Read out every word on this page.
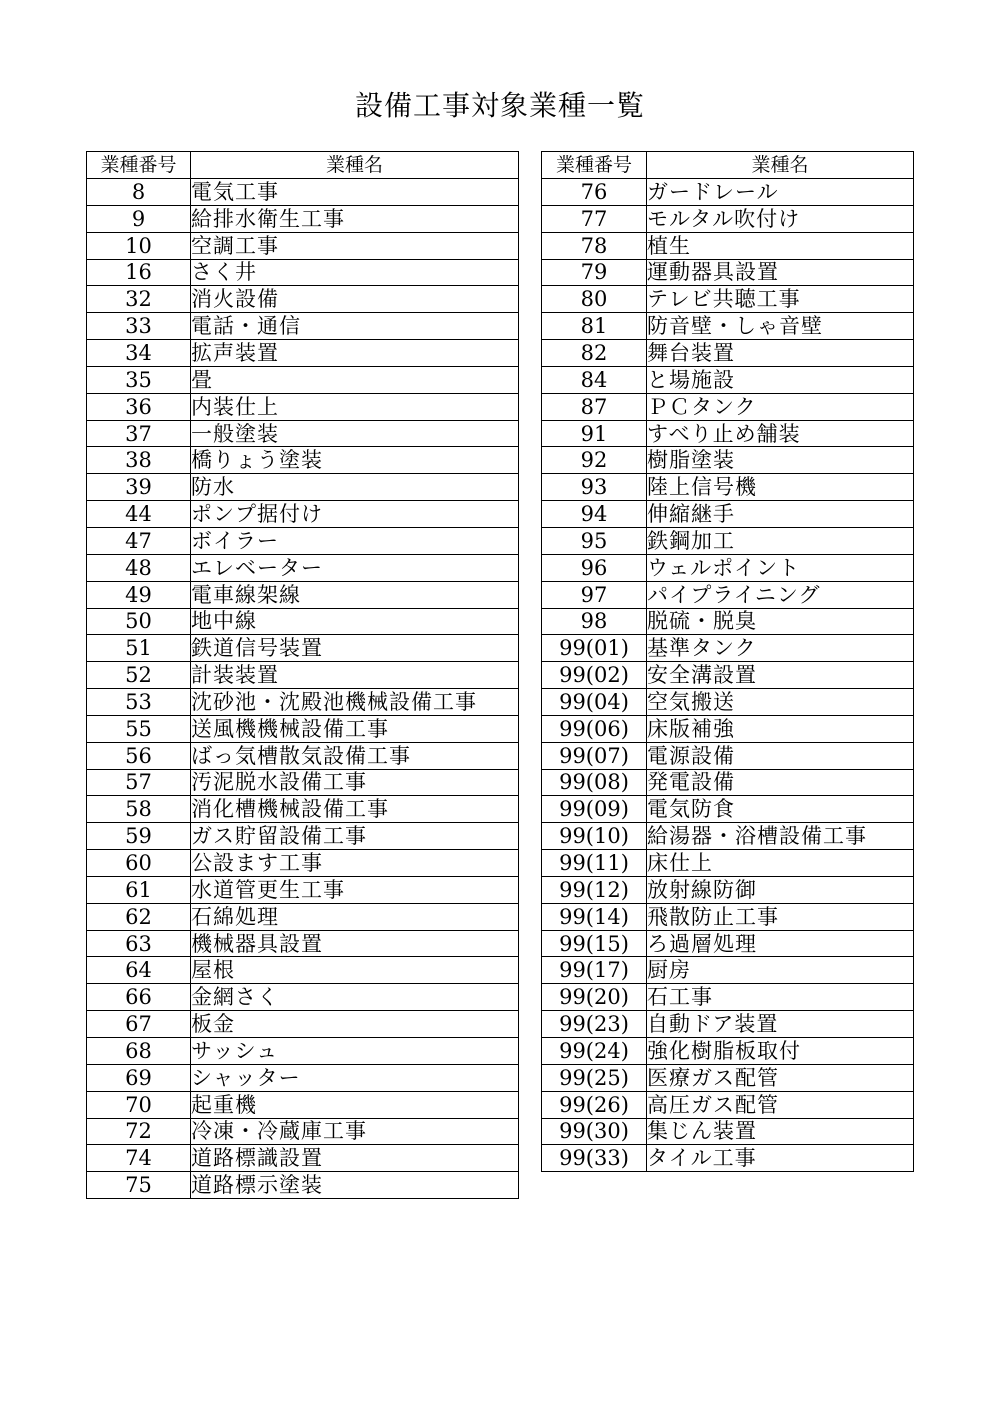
設備工事対象業種一覧
業種番号	業種名
8	電気工事
9	給排水衛生工事
10	空調工事
16	さく井
32	消火設備
33	電話・通信
34	拡声装置
35	畳
36	内装仕上
37	一般塗装
38	橋りょう塗装
39	防水
44	ポンプ据付け
47	ボイラー
48	エレベーター
49	電車線架線
50	地中線
51	鉄道信号装置
52	計装装置
53	沈砂池・沈殿池機械設備工事
55	送風機機械設備工事
56	ばっ気槽散気設備工事
57	汚泥脱水設備工事
58	消化槽機械設備工事
59	ガス貯留設備工事
60	公設ます工事
61	水道管更生工事
62	石綿処理
63	機械器具設置
64	屋根
66	金網さく
67	板金
68	サッシュ
69	シャッター
70	起重機
72	冷凍・冷蔵庫工事
74	道路標識設置
75	道路標示塗装
業種番号	業種名
76	ガードレール
77	モルタル吹付け
78	植生
79	運動器具設置
80	テレビ共聴工事
81	防音壁・しゃ音壁
82	舞台装置
84	と場施設
87	ＰＣタンク
91	すべり止め舗装
92	樹脂塗装
93	陸上信号機
94	伸縮継手
95	鉄鋼加工
96	ウェルポイント
97	パイプライニング
98	脱硫・脱臭
99(01)	基準タンク
99(02)	安全溝設置
99(04)	空気搬送
99(06)	床版補強
99(07)	電源設備
99(08)	発電設備
99(09)	電気防食
99(10)	給湯器・浴槽設備工事
99(11)	床仕上
99(12)	放射線防御
99(14)	飛散防止工事
99(15)	ろ過層処理
99(17)	厨房
99(20)	石工事
99(23)	自動ドア装置
99(24)	強化樹脂板取付
99(25)	医療ガス配管
99(26)	高圧ガス配管
99(30)	集じん装置
99(33)	タイル工事
